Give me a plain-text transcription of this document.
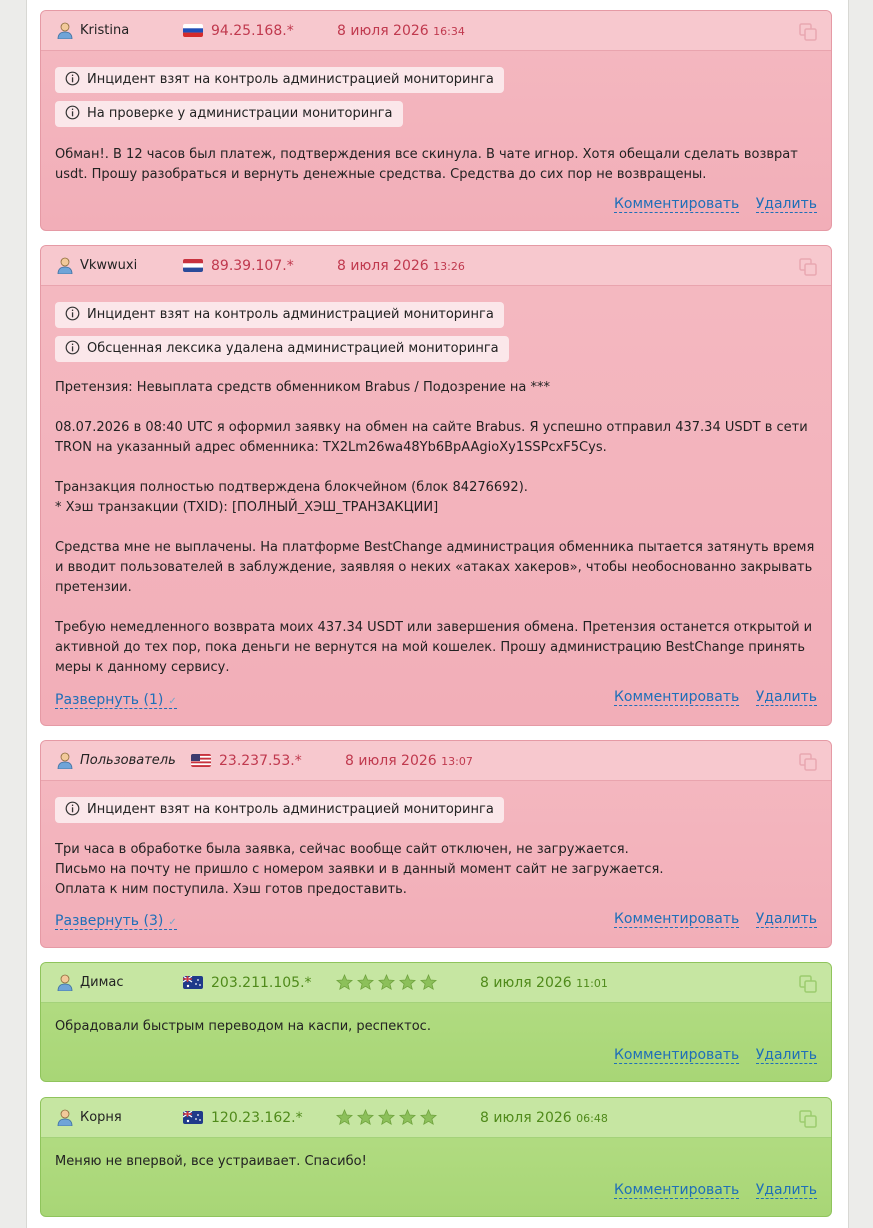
Kristina	94.25.168.*	8 июля 2026 16:34
Инцидент взят на контроль администрацией мониторинга
На проверке у администрации мониторинга
Обман!. В 12 часов был платеж, подтверждения все скинула. В чате игнор. Хотя обещали сделать возврат
usdt. Прошу разобраться и вернуть денежные средства. Средства до сих пор не возвращены.
Комментировать Удалить
Vkwwuxi	89.39.107.*	8 июля 2026 13:26
Инцидент взят на контроль администрацией мониторинга
Обсценная лексика удалена администрацией мониторинга
Претензия: Невыплата средств обменником Brabus / Подозрение на ***

08.07.2026 в 08:40 UTC я оформил заявку на обмен на сайте Brabus. Я успешно отправил 437.34 USDT в сети
TRON на указанный адрес обменника: TX2Lm26wa48Yb6BpAAgioXy1SSPcxF5Cys.

Транзакция полностью подтверждена блокчейном (блок 84276692).
* Хэш транзакции (TXID): [ПОЛНЫЙ_ХЭШ_ТРАНЗАКЦИИ]

Средства мне не выплачены. На платформе BestChange администрация обменника пытается затянуть время
и вводит пользователей в заблуждение, заявляя о неких «атаках хакеров», чтобы необоснованно закрывать
претензии.

Требую немедленного возврата моих 437.34 USDT или завершения обмена. Претензия останется открытой и
активной до тех пор, пока деньги не вернутся на мой кошелек. Прошу администрацию BestChange принять
меры к данному сервису.
Развернуть (1) ✓	Комментировать Удалить
Пользователь	23.237.53.*	8 июля 2026 13:07
Инцидент взят на контроль администрацией мониторинга
Три часа в обработке была заявка, сейчас вообще сайт отключен, не загружается.
Письмо на почту не пришло с номером заявки и в данный момент сайт не загружается.
Оплата к ним поступила. Хэш готов предоставить.
Развернуть (3) ✓	Комментировать Удалить
Димас	203.211.105.*	8 июля 2026 11:01
Обрадовали быстрым переводом на каспи, респектос.
Комментировать Удалить
Корня	120.23.162.*	8 июля 2026 06:48
Меняю не впервой, все устраивает. Спасибо!
Комментировать Удалить
